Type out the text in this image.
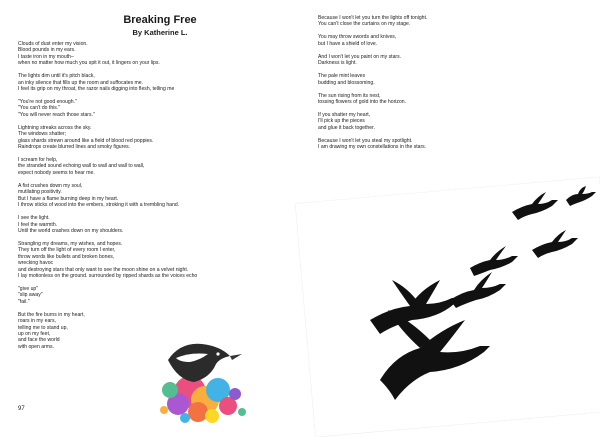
Breaking Free
By Katherine L.
Clouds of dust enter my vision.
Blood pounds in my ears.
I taste iron in my mouth–
when no matter how much you spit it out, it lingers on your lips.
The lights dim until it's pitch black,
an inky silence that fills up the room and suffocates me.
I feel its grip on my throat, the razor nails digging into flesh, telling me
"You're not good enough."
"You can't do this."
"You will never reach those stars."
Lightning streaks across the sky.
The windows shatter;
glass shards strewn around like a field of blood red poppies.
Raindrops create blurred lines and smoky figures.
I scream for help,
the stranded sound echoing wall to wall and wall to wall,
expect nobody seems to hear me.
A fist crushes down my soul,
mutilating positivity.
But I have a flame burning deep in my heart.
I throw sticks of wood into the embers, stroking it with a trembling hand.
I see the light.
I feel the warmth.
Until the world crashes down on my shoulders.
Strangling my dreams, my wishes, and hopes.
They turn off the light of every room I enter,
throw words like bullets and broken bones,
wrecking havoc
and destroying stars that only want to see the moon shine on a velvet night.
I lay motionless on the ground. surrounded by ripped shards as the voices echo
"give up"
"slip away"
"fail."
But the fire burns in my heart,
roars in my ears,
telling me to stand up,
up on my feet,
and face the world
with open arms.
97
Because I won't let you turn the lights off tonight.
You can't close the curtains on my stage.
You may throw swords and knives,
but I have a shield of love.
And I won't let you paint on my stars.
Darkness is light.
The pale mint leaves
budding and blossoming.
The sun rising from its nest,
tossing flowers of gold into the horizon.
If you shatter my heart,
I'll pick up the pieces
and glue it back together.
Because I won't let you steal my spotlight.
I am drawing my own constellations in the stars.
